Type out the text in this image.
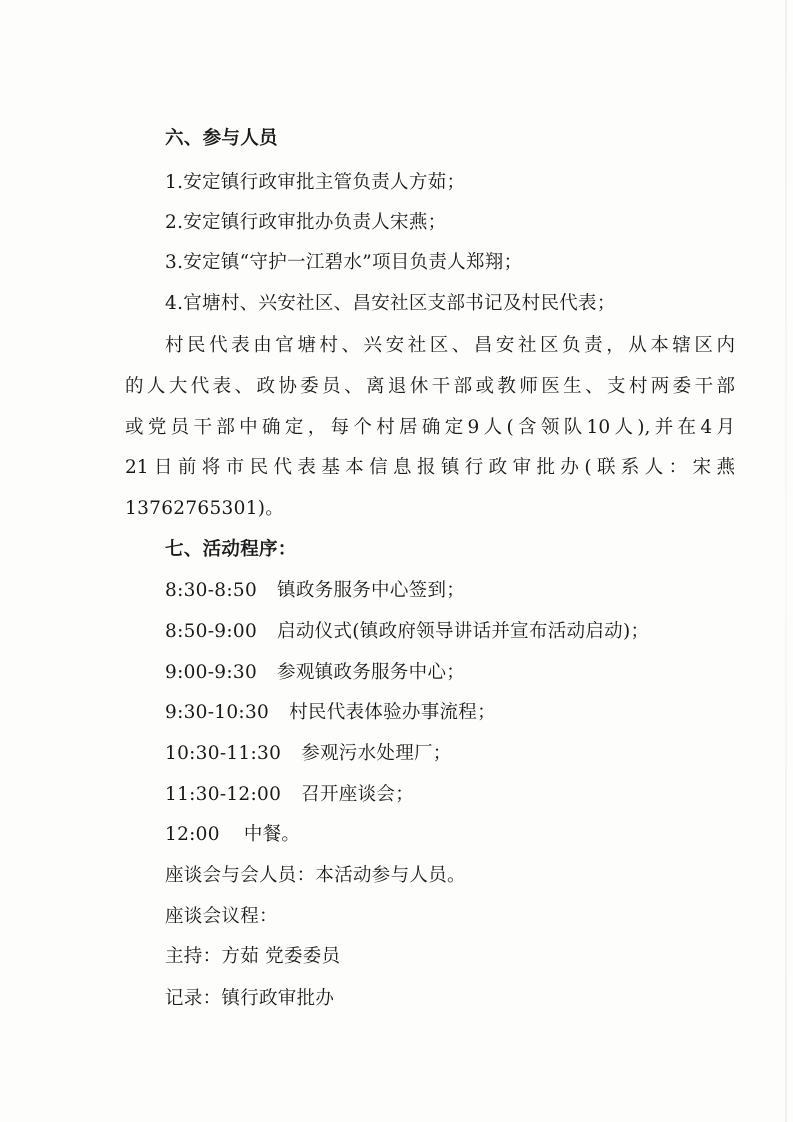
六、参与人员
1.安定镇行政审批主管负责人方茹；
2.安定镇行政审批办负责人宋燕；
3.安定镇“守护一江碧水”项目负责人郑翔；
4.官塘村、兴安社区、昌安社区支部书记及村民代表；
村民代表由官塘村、兴安社区、昌安社区负责，从本辖区内
的人大代表、政协委员、离退休干部或教师医生、支村两委干部
或党员干部中确定，每个村居确定9人(含领队10人),并在4月
21日前将市民代表基本信息报镇行政审批办(联系人：宋燕
13762765301)。
七、活动程序：
8:30-8:50 镇政务服务中心签到；
8:50-9:00 启动仪式(镇政府领导讲话并宣布活动启动)；
9:00-9:30 参观镇政务服务中心；
9:30-10:30 村民代表体验办事流程；
10:30-11:30 参观污水处理厂；
11:30-12:00 召开座谈会；
12:00 中餐。
座谈会与会人员：本活动参与人员。
座谈会议程：
主持：方茹 党委委员
记录：镇行政审批办
